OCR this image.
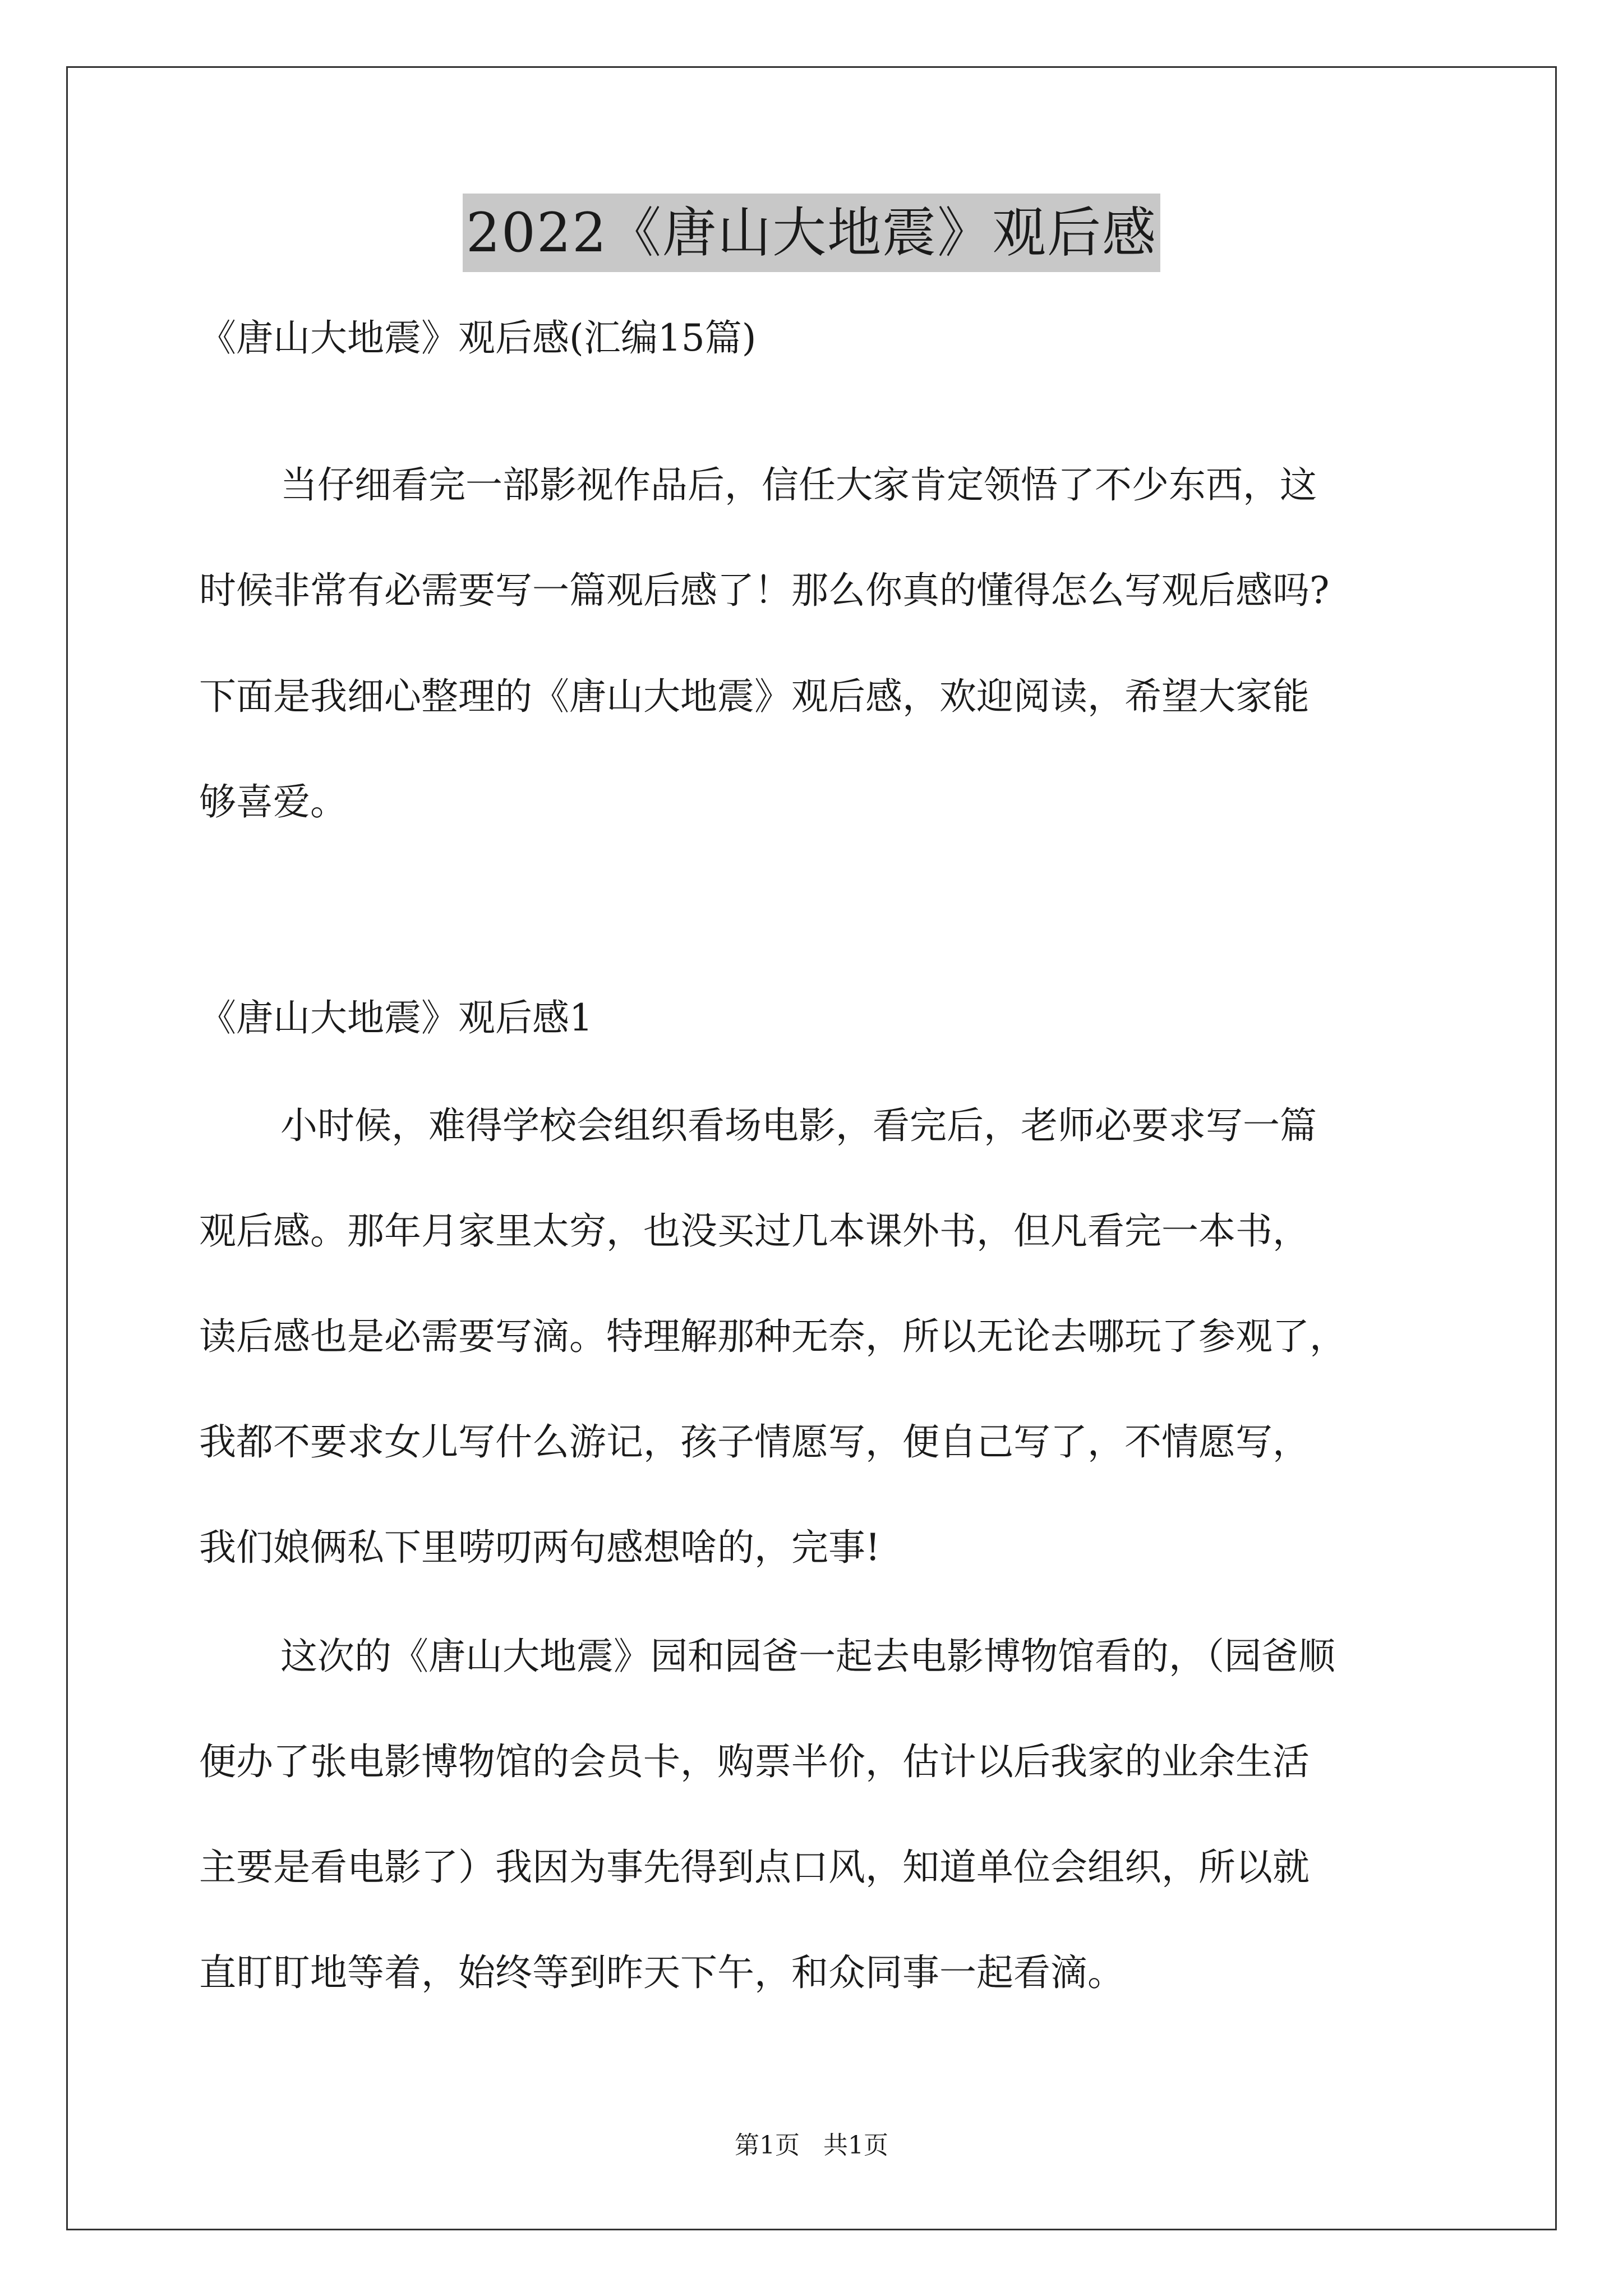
2022《唐山大地震》观后感
《唐山大地震》观后感(汇编15篇)
当仔细看完一部影视作品后，信任大家肯定领悟了不少东西，这
时候非常有必需要写一篇观后感了！那么你真的懂得怎么写观后感吗?
下面是我细心整理的《唐山大地震》观后感，欢迎阅读，希望大家能
够喜爱。
《唐山大地震》观后感1
小时候，难得学校会组织看场电影，看完后，老师必要求写一篇
观后感。那年月家里太穷，也没买过几本课外书，但凡看完一本书，
读后感也是必需要写滴。特理解那种无奈，所以无论去哪玩了参观了，
我都不要求女儿写什么游记，孩子情愿写，便自己写了，不情愿写，
我们娘俩私下里唠叨两句感想啥的，完事!
这次的《唐山大地震》园和园爸一起去电影博物馆看的，（园爸顺
便办了张电影博物馆的会员卡，购票半价，估计以后我家的业余生活
主要是看电影了）我因为事先得到点口风，知道单位会组织，所以就
直盯盯地等着，始终等到昨天下午，和众同事一起看滴。
第1页 共1页
